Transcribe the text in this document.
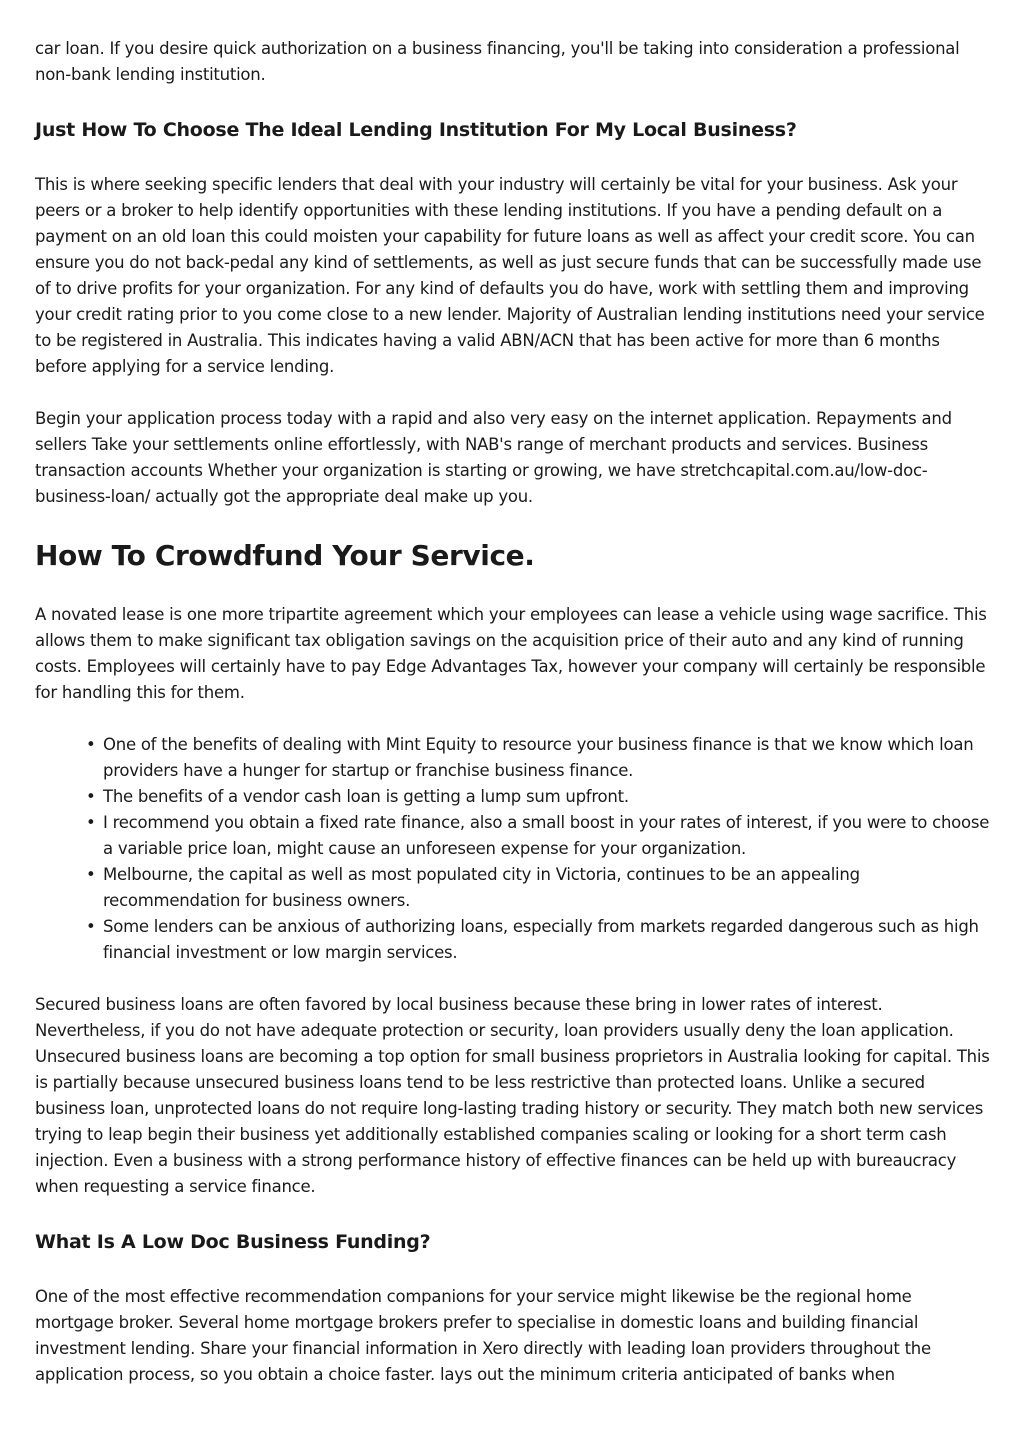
car loan. If you desire quick authorization on a business financing, you'll be taking into consideration a professional non-bank lending institution.

Just How To Choose The Ideal Lending Institution For My Local Business?

This is where seeking specific lenders that deal with your industry will certainly be vital for your business. Ask your peers or a broker to help identify opportunities with these lending institutions. If you have a pending default on a payment on an old loan this could moisten your capability for future loans as well as affect your credit score. You can ensure you do not back-pedal any kind of settlements, as well as just secure funds that can be successfully made use of to drive profits for your organization. For any kind of defaults you do have, work with settling them and improving your credit rating prior to you come close to a new lender. Majority of Australian lending institutions need your service to be registered in Australia. This indicates having a valid ABN/ACN that has been active for more than 6 months before applying for a service lending.

Begin your application process today with a rapid and also very easy on the internet application. Repayments and sellers Take your settlements online effortlessly, with NAB's range of merchant products and services. Business transaction accounts Whether your organization is starting or growing, we have stretchcapital.com.au/low-doc-business-loan/ actually got the appropriate deal make up you.

How To Crowdfund Your Service.

A novated lease is one more tripartite agreement which your employees can lease a vehicle using wage sacrifice. This allows them to make significant tax obligation savings on the acquisition price of their auto and any kind of running costs. Employees will certainly have to pay Edge Advantages Tax, however your company will certainly be responsible for handling this for them.

• One of the benefits of dealing with Mint Equity to resource your business finance is that we know which loan providers have a hunger for startup or franchise business finance.
• The benefits of a vendor cash loan is getting a lump sum upfront.
• I recommend you obtain a fixed rate finance, also a small boost in your rates of interest, if you were to choose a variable price loan, might cause an unforeseen expense for your organization.
• Melbourne, the capital as well as most populated city in Victoria, continues to be an appealing recommendation for business owners.
• Some lenders can be anxious of authorizing loans, especially from markets regarded dangerous such as high financial investment or low margin services.

Secured business loans are often favored by local business because these bring in lower rates of interest. Nevertheless, if you do not have adequate protection or security, loan providers usually deny the loan application. Unsecured business loans are becoming a top option for small business proprietors in Australia looking for capital. This is partially because unsecured business loans tend to be less restrictive than protected loans. Unlike a secured business loan, unprotected loans do not require long-lasting trading history or security. They match both new services trying to leap begin their business yet additionally established companies scaling or looking for a short term cash injection. Even a business with a strong performance history of effective finances can be held up with bureaucracy when requesting a service finance.

What Is A Low Doc Business Funding?

One of the most effective recommendation companions for your service might likewise be the regional home mortgage broker. Several home mortgage brokers prefer to specialise in domestic loans and building financial investment lending. Share your financial information in Xero directly with leading loan providers throughout the application process, so you obtain a choice faster. lays out the minimum criteria anticipated of banks when
